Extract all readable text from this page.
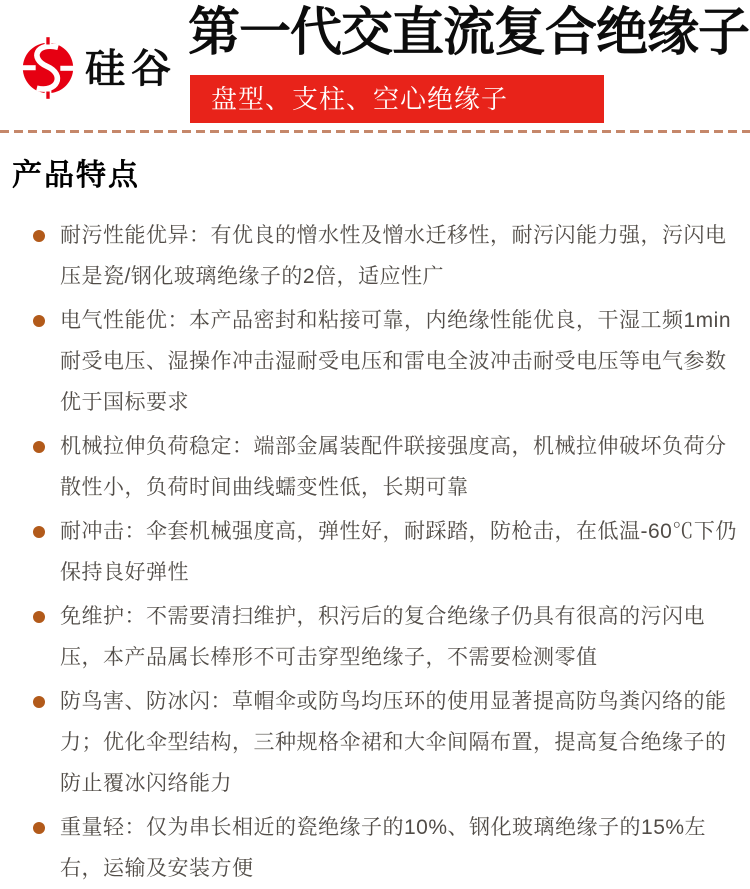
硅谷
第一代交直流复合绝缘子
盘型、支柱、空心绝缘子
产品特点
耐污性能优异：有优良的憎水性及憎水迁移性，耐污闪能力强，污闪电压是瓷/钢化玻璃绝缘子的2倍，适应性广
电气性能优：本产品密封和粘接可靠，内绝缘性能优良，干湿工频1min耐受电压、湿操作冲击湿耐受电压和雷电全波冲击耐受电压等电气参数优于国标要求
机械拉伸负荷稳定：端部金属装配件联接强度高，机械拉伸破坏负荷分散性小，负荷时间曲线蠕变性低，长期可靠
耐冲击：伞套机械强度高，弹性好，耐踩踏，防枪击，在低温-60℃下仍保持良好弹性
免维护：不需要清扫维护，积污后的复合绝缘子仍具有很高的污闪电压，本产品属长棒形不可击穿型绝缘子，不需要检测零值
防鸟害、防冰闪：草帽伞或防鸟均压环的使用显著提高防鸟粪闪络的能力；优化伞型结构，三种规格伞裙和大伞间隔布置，提高复合绝缘子的防止覆冰闪络能力
重量轻：仅为串长相近的瓷绝缘子的10%、钢化玻璃绝缘子的15%左右，运输及安装方便
